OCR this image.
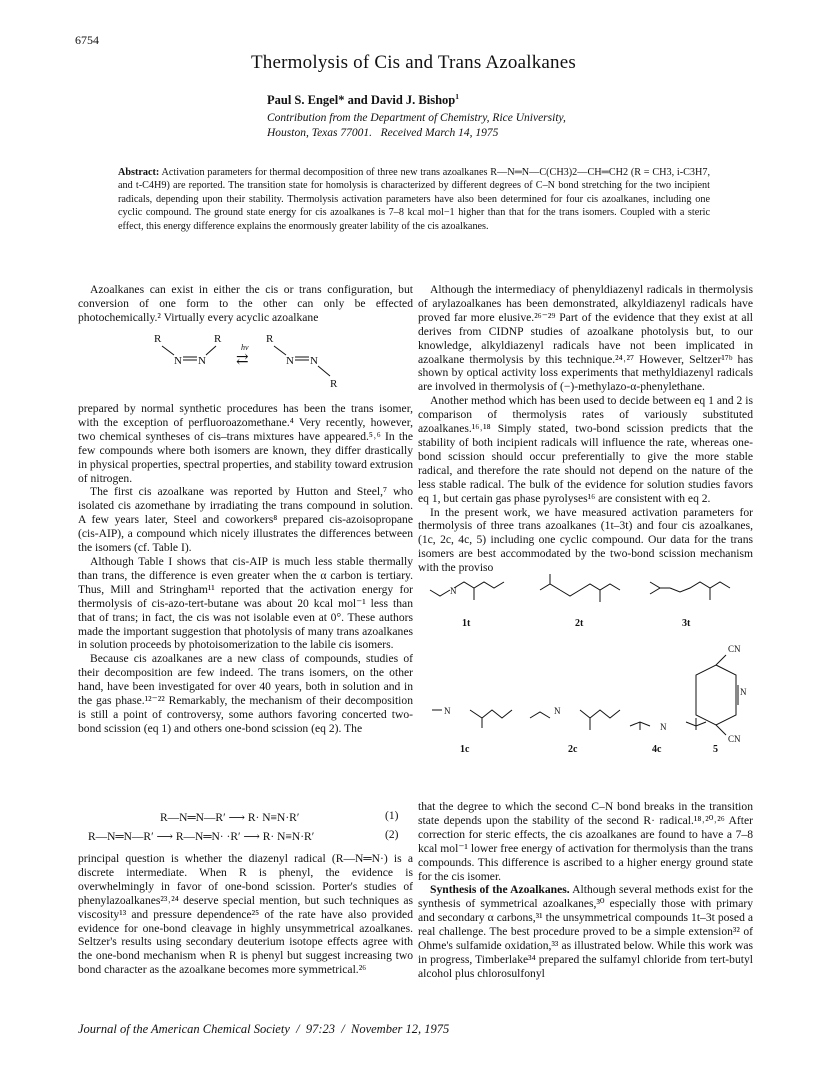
6754
Thermolysis of Cis and Trans Azoalkanes
Paul S. Engel* and David J. Bishop$^1$
Contribution from the Department of Chemistry, Rice University,
Houston, Texas 77001.   Received March 14, 1975
Abstract: Activation parameters for thermal decomposition of three new trans azoalkanes R—N═N—C(CH3)2—CH═CH2 (R = CH3, i-C3H7, and t-C4H9) are reported. The transition state for homolysis is characterized by different degrees of C–N bond stretching for the two incipient radicals, depending upon their stability. Thermolysis activation parameters have also been determined for four cis azoalkanes, including one cyclic compound. The ground state energy for cis azoalkanes is 7–8 kcal mol−1 higher than that for the trans isomers. Coupled with a steric effect, this energy difference explains the enormously greater lability of the cis azoalkanes.

Azoalkanes can exist in either the cis or trans configuration, but conversion of one form to the other can only be effected photochemically.² Virtually every acyclic azoalkane

R
N N
R
hν
⇄
R
N N
R

prepared by normal synthetic procedures has been the trans isomer, with the exception of perfluoroazomethane.⁴ Very recently, however, two chemical syntheses of cis–trans mixtures have appeared.⁵˒⁶ In the few compounds where both isomers are known, they differ drastically in physical properties, spectral properties, and stability toward extrusion of nitrogen.

The first cis azoalkane was reported by Hutton and Steel,⁷ who isolated cis azomethane by irradiating the trans compound in solution. A few years later, Steel and coworkers⁸ prepared cis-azoisopropane (cis-AIP), a compound which nicely illustrates the differences between the isomers (cf. Table I).

Although Table I shows that cis-AIP is much less stable thermally than trans, the difference is even greater when the α carbon is tertiary. Thus, Mill and Stringham¹¹ reported that the activation energy for thermolysis of cis-azo-tert-butane was about 20 kcal mol⁻¹ less than that of trans; in fact, the cis was not isolable even at 0°. These authors made the important suggestion that photolysis of many trans azoalkanes in solution proceeds by photoisomerization to the labile cis isomers.

Because cis azoalkanes are a new class of compounds, studies of their decomposition are few indeed. The trans isomers, on the other hand, have been investigated for over 40 years, both in solution and in the gas phase.¹²⁻²² Remarkably, the mechanism of their decomposition is still a point of controversy, some authors favoring concerted two-bond scission (eq 1) and others one-bond scission (eq 2). The

R—N═N—R′ ⟶ R· N≡N·R′	(1)
R—N═N—R′ ⟶ R—N═N· ·R′ ⟶ R· N≡N·R′	(2)

principal question is whether the diazenyl radical (R—N═N·) is a discrete intermediate. When R is phenyl, the evidence is overwhelmingly in favor of one-bond scission. Porter's studies of phenylazoalkanes²³˒²⁴ deserve special mention, but such techniques as viscosity¹³ and pressure dependence²⁵ of the rate have also provided evidence for one-bond cleavage in highly unsymmetrical azoalkanes. Seltzer's results using secondary deuterium isotope effects agree with the one-bond mechanism when R is phenyl but suggest increasing two bond character as the azoalkane becomes more symmetrical.²⁶

Although the intermediacy of phenyldiazenyl radicals in thermolysis of arylazoalkanes has been demonstrated, alkyldiazenyl radicals have proved far more elusive.²⁶⁻²⁹ Part of the evidence that they exist at all derives from CIDNP studies of azoalkane photolysis but, to our knowledge, alkyldiazenyl radicals have not been implicated in azoalkane thermolysis by this technique.²⁴˒²⁷ However, Seltzer¹⁷ᵇ has shown by optical activity loss experiments that methyldiazenyl radicals are involved in thermolysis of (−)-methylazo-α-phenylethane.

Another method which has been used to decide between eq 1 and 2 is comparison of thermolysis rates of variously substituted azoalkanes.¹⁶˒¹⁸ Simply stated, two-bond scission predicts that the stability of both incipient radicals will influence the rate, whereas one-bond scission should occur preferentially to give the more stable radical, and therefore the rate should not depend on the nature of the less stable radical. The bulk of the evidence for solution studies favors eq 1, but certain gas phase pyrolyses¹⁶ are consistent with eq 2.

In the present work, we have measured activation parameters for thermolysis of three trans azoalkanes (1t–3t) and four cis azoalkanes, (1c, 2c, 4c, 5) including one cyclic compound. Our data for the trans isomers are best accommodated by the two-bond scission mechanism with the proviso

1t	2t	3t
1c	2c	4c
CN
CN
5
N
N	N
N
N

that the degree to which the second C–N bond breaks in the transition state depends upon the stability of the second R· radical.¹⁸˒²⁰˒²⁶ After correction for steric effects, the cis azoalkanes are found to have a 7–8 kcal mol⁻¹ lower free energy of activation for thermolysis than the trans compounds. This difference is ascribed to a higher energy ground state for the cis isomer.

Synthesis of the Azoalkanes. Although several methods exist for the synthesis of symmetrical azoalkanes,³⁰ especially those with primary and secondary α carbons,³¹ the unsymmetrical compounds 1t–3t posed a real challenge. The best procedure proved to be a simple extension³² of Ohme's sulfamide oxidation,³³ as illustrated below. While this work was in progress, Timberlake³⁴ prepared the sulfamyl chloride from tert-butyl alcohol plus chlorosulfonyl

Journal of the American Chemical Society  /  97:23  /  November 12, 1975
